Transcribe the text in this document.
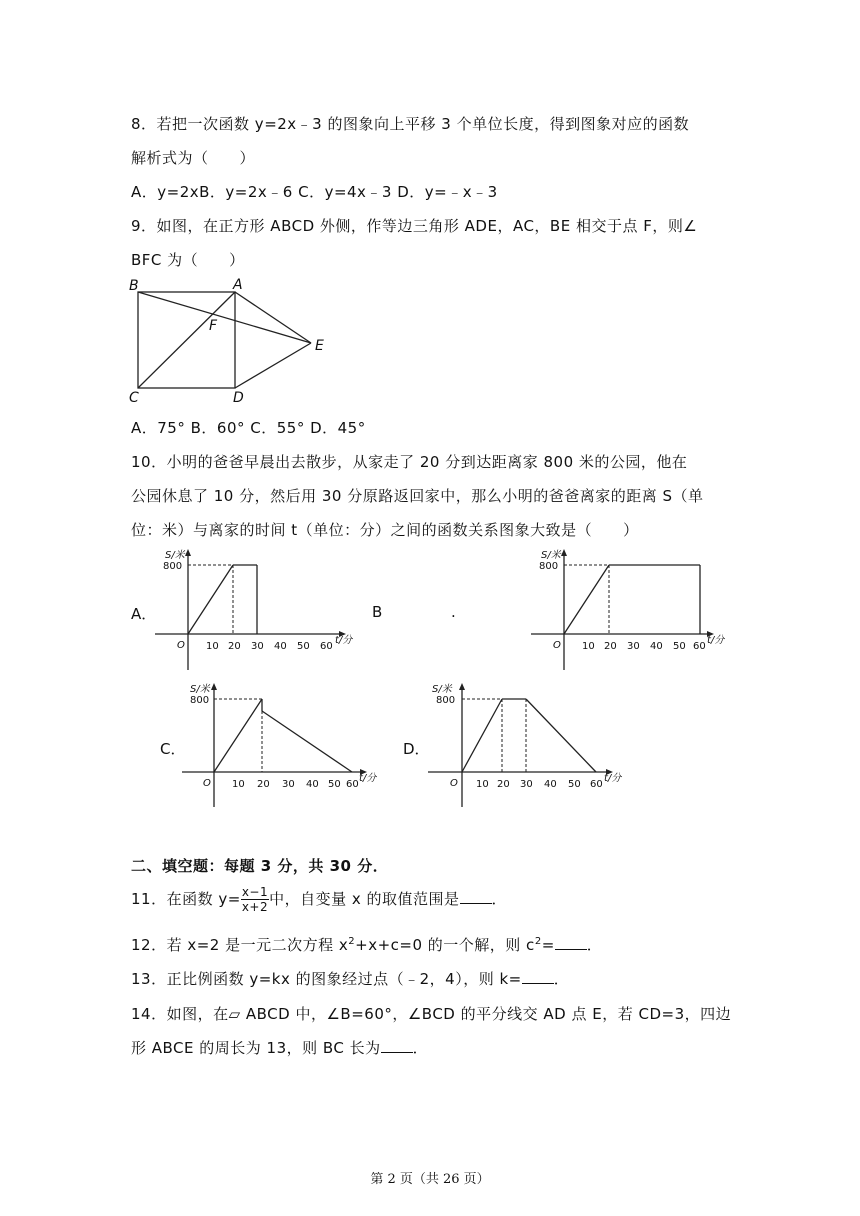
8．若把一次函数 y=2x﹣3 的图象向上平移 3 个单位长度，得到图象对应的函数
解析式为（　　）
A．y=2xB．y=2x﹣6 C．y=4x﹣3 D．y=﹣x﹣3
9．如图，在正方形 ABCD 外侧，作等边三角形 ADE，AC，BE 相交于点 F，则∠
BFC 为（　　）
B	A
F
E
C	D
A．75° B．60° C．55° D．45°
10．小明的爸爸早晨出去散步，从家走了 20 分到达距离家 800 米的公园，他在
公园休息了 10 分，然后用 30 分原路返回家中，那么小明的爸爸离家的距离 S（单
位：米）与离家的时间 t（单位：分）之间的函数关系图象大致是（　　）
A．
S/米
800
O 10 20 30 40 50 60
t/分
B	.
S/米
800
O 10 20 30 40 50 60
t/分
C．
S/米
800
O 10 20 30 40 50 60
t/分
D．
S/米
800
O 10 20 30 40 50 60
t/分
二、填空题：每题 3 分，共 30 分．
11．在函数 $y= \frac{x-1}{x+2}$ 中，自变量 x 的取值范围是 ．
12．若 x=2 是一元二次方程 $x^2+x+c=0$ 的一个解，则 $c^2=$ ．
13．正比例函数 y=kx 的图象经过点（﹣2，4），则 k= ．
14．如图，在▱ ABCD 中，∠B=60°，∠BCD 的平分线交 AD 点 E，若 CD=3，四边
形 ABCE 的周长为 13，则 BC 长为 ．
第 2 页（共 26 页）
